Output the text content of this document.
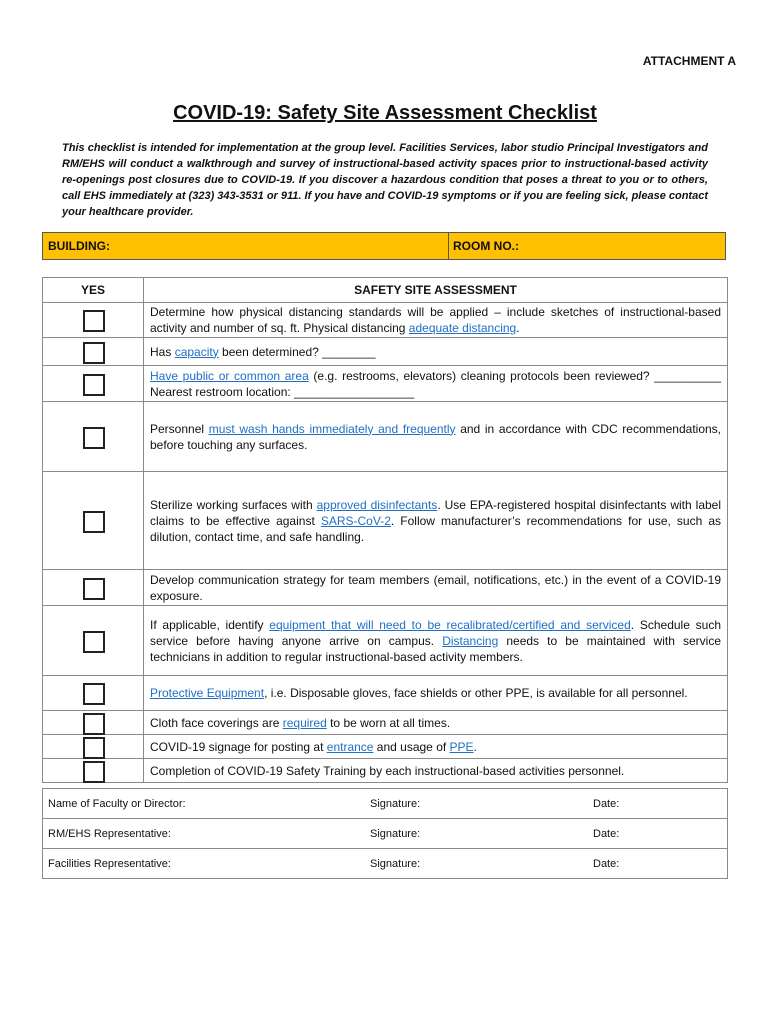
ATTACHMENT A
COVID-19: Safety Site Assessment Checklist
This checklist is intended for implementation at the group level. Facilities Services, labor studio Principal Investigators and RM/EHS will conduct a walkthrough and survey of instructional-based activity spaces prior to instructional-based activity re-openings post closures due to COVID-19. If you discover a hazardous condition that poses a threat to you or to others, call EHS immediately at (323) 343-3531 or 911. If you have and COVID-19 symptoms or if you are feeling sick, please contact your healthcare provider.
BUILDING:	ROOM NO.:
YES	SAFETY SITE ASSESSMENT

	Determine how physical distancing standards will be applied – include sketches of instructional-based activity and number of sq. ft. Physical distancing adequate distancing.

	Has capacity been determined? ________

	Have public or common area (e.g. restrooms, elevators) cleaning protocols been reviewed? __________ Nearest restroom location: __________________

	Personnel must wash hands immediately and frequently and in accordance with CDC recommendations, before touching any surfaces.

	Sterilize working surfaces with approved disinfectants. Use EPA-registered hospital disinfectants with label claims to be effective against SARS-CoV-2. Follow manufacturer’s recommendations for use, such as dilution, contact time, and safe handling.

	Develop communication strategy for team members (email, notifications, etc.) in the event of a COVID-19 exposure.

	If applicable, identify equipment that will need to be recalibrated/certified and serviced. Schedule such service before having anyone arrive on campus. Distancing needs to be maintained with service technicians in addition to regular instructional-based activity members.

	Protective Equipment, i.e. Disposable gloves, face shields or other PPE, is available for all personnel.

	Cloth face coverings are required to be worn at all times.

	COVID-19 signage for posting at entrance and usage of PPE.

	Completion of COVID-19 Safety Training by each instructional-based activities personnel.
Name of Faculty or Director:	Signature:	Date:
RM/EHS Representative:	Signature:	Date:
Facilities Representative:	Signature:	Date:
